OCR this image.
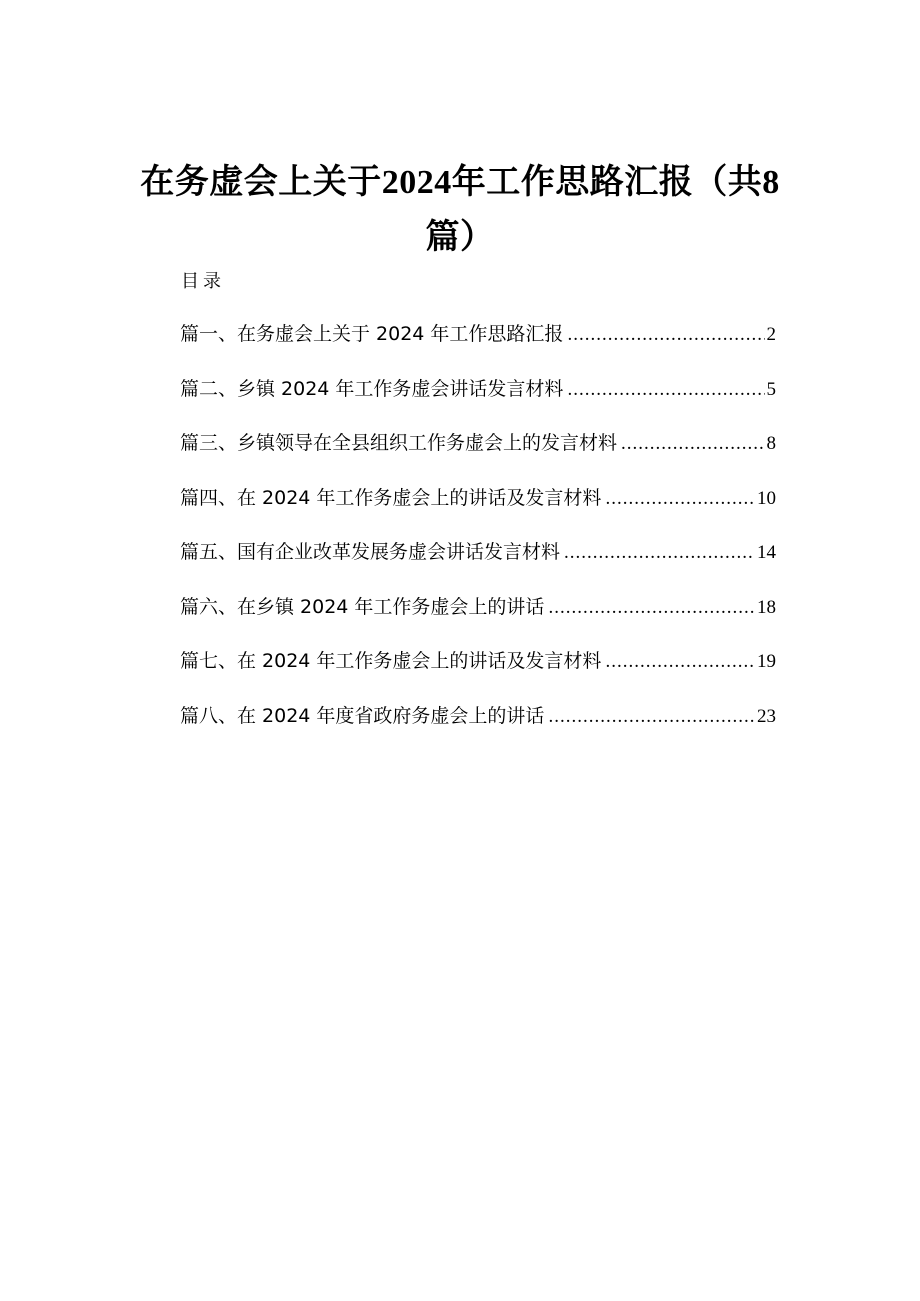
在务虚会上关于2024年工作思路汇报（共8
篇）
目录
篇一、在务虚会上关于 2024 年工作思路汇报 .....	2
篇二、乡镇 2024 年工作务虚会讲话发言材料 .....	5
篇三、乡镇领导在全县组织工作务虚会上的发言材料 .....	8
篇四、在 2024 年工作务虚会上的讲话及发言材料 .....	10
篇五、国有企业改革发展务虚会讲话发言材料 .....	14
篇六、在乡镇 2024 年工作务虚会上的讲话 .....	18
篇七、在 2024 年工作务虚会上的讲话及发言材料 .....	19
篇八、在 2024 年度省政府务虚会上的讲话 .....	23
